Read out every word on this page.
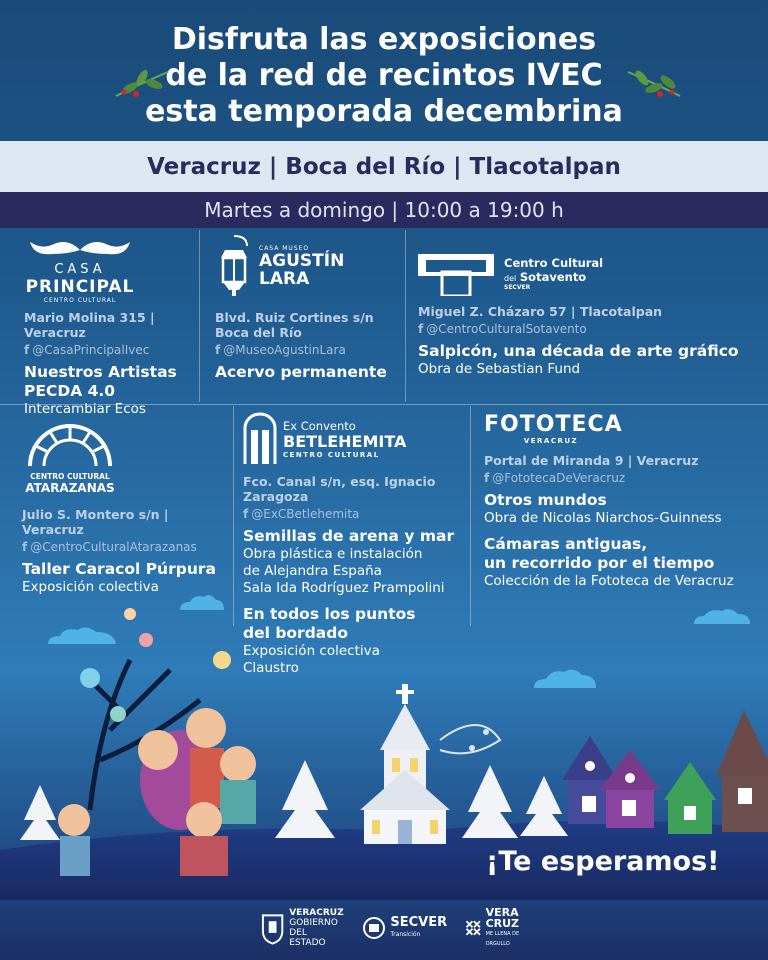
Disfruta las exposiciones
de la red de recintos IVEC
esta temporada decembrina
Veracruz | Boca del Río | Tlacotalpan
Martes a domingo | 10:00 a 19:00 h
CASA
PRINCIPAL
CENTRO CULTURAL
Mario Molina 315 | Veracruz
f @CasaPrincipalIvec
Nuestros Artistas
PECDA 4.0
Intercambiar Ecos
CASA MUSEO
AGUSTÍN
LARA
Blvd. Ruiz Cortines s/n
Boca del Río
f @MuseoAgustinLara
Acervo permanente
Centro Cultural
del Sotavento
SECVER
Miguel Z. Cházaro 57 | Tlacotalpan
f @CentroCulturalSotavento
Salpicón, una década de arte gráfico
Obra de Sebastian Fund
CENTRO CULTURAL
ATARAZANAS
Julio S. Montero s/n | Veracruz
f @CentroCulturalAtarazanas
Taller Caracol Púrpura
Exposición colectiva
Ex Convento
BETLEHEMITA
CENTRO CULTURAL
Fco. Canal s/n, esq. Ignacio Zaragoza
f @ExCBetlehemita
Semillas de arena y mar
Obra plástica e instalación
de Alejandra España
Sala Ida Rodríguez Prampolini
En todos los puntos
del bordado
Exposición colectiva
Claustro
FOTOTECA
VERACRUZ
Portal de Miranda 9 | Veracruz
f @FototecaDeVeracruz
Otros mundos
Obra de Nicolas Niarchos-Guinness
Cámaras antiguas,
un recorrido por el tiempo
Colección de la Fototeca de Veracruz
¡Te esperamos!
VERACRUZ
GOBIERNO
DEL ESTADO
SECVER
Transición
VERA
CRUZ
ME LLENA DE ORGULLO
